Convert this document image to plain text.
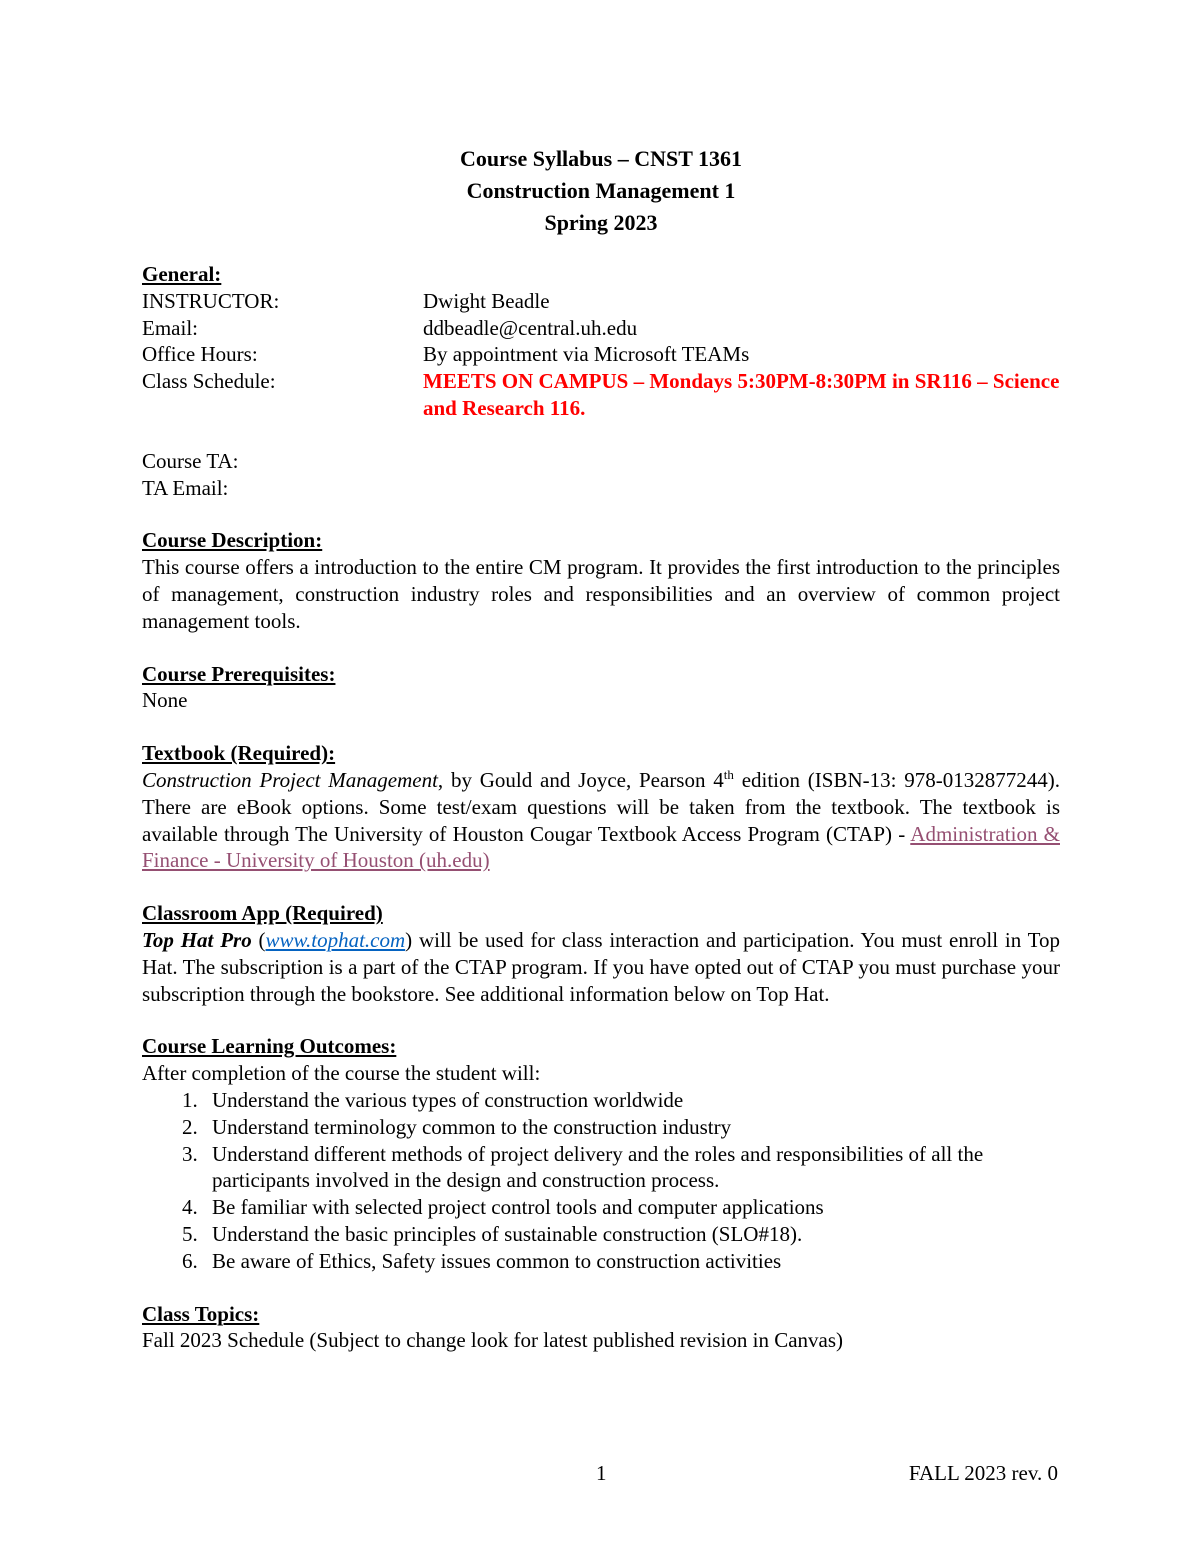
Course Syllabus – CNST 1361
Construction Management 1
Spring 2023
General:
INSTRUCTOR:	Dwight Beadle
Email:	ddbeadle@central.uh.edu
Office Hours:	By appointment via Microsoft TEAMs
Class Schedule:	MEETS ON CAMPUS – Mondays 5:30PM-8:30PM in SR116 – Science and Research 116.
Course TA:
TA Email:
Course Description:
This course offers a introduction to the entire CM program. It provides the first introduction to the principles of management, construction industry roles and responsibilities and an overview of common project management tools.
Course Prerequisites:
None
Textbook (Required):
Construction Project Management, by Gould and Joyce, Pearson 4th edition (ISBN-13: 978-0132877244). There are eBook options. Some test/exam questions will be taken from the textbook. The textbook is available through The University of Houston Cougar Textbook Access Program (CTAP) - Administration & Finance - University of Houston (uh.edu)
Classroom App (Required)
Top Hat Pro (www.tophat.com) will be used for class interaction and participation. You must enroll in Top Hat. The subscription is a part of the CTAP program. If you have opted out of CTAP you must purchase your subscription through the bookstore. See additional information below on Top Hat.
Course Learning Outcomes:
After completion of the course the student will:
1. Understand the various types of construction worldwide
2. Understand terminology common to the construction industry
3. Understand different methods of project delivery and the roles and responsibilities of all the participants involved in the design and construction process.
4. Be familiar with selected project control tools and computer applications
5. Understand the basic principles of sustainable construction (SLO#18).
6. Be aware of Ethics, Safety issues common to construction activities
Class Topics:
Fall 2023 Schedule (Subject to change look for latest published revision in Canvas)
1	FALL 2023 rev. 0
